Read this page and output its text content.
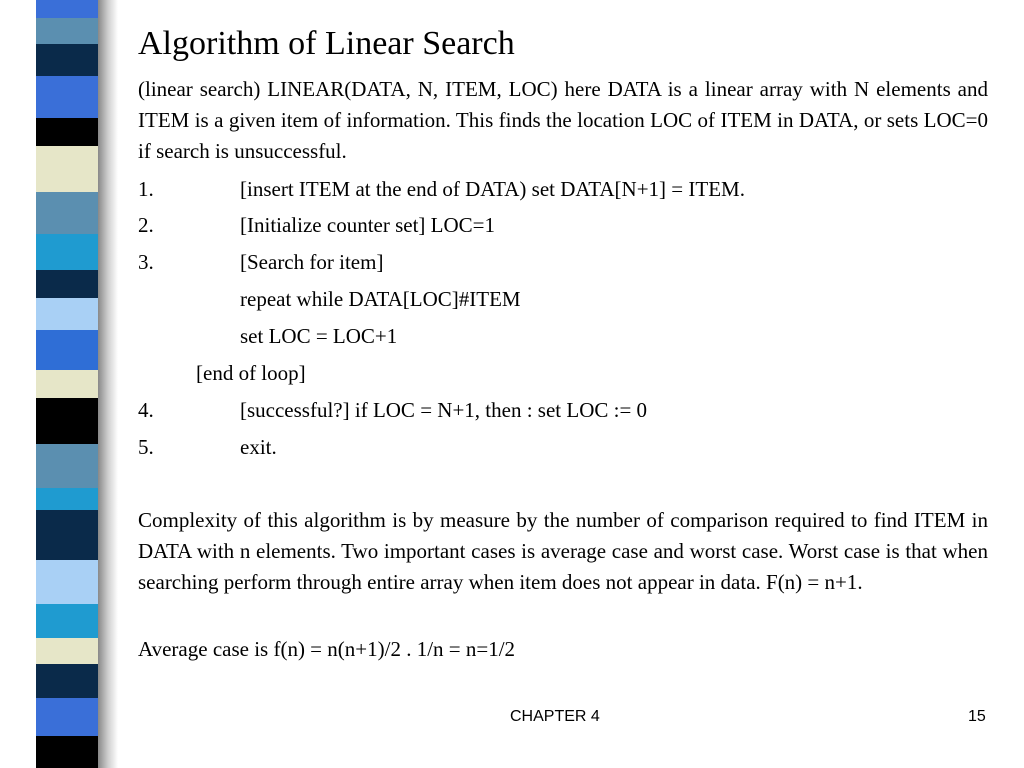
Algorithm of Linear Search

(linear search) LINEAR(DATA, N, ITEM, LOC) here DATA is a linear array with N elements and ITEM is a given item of information. This finds the location LOC of ITEM in DATA, or sets LOC=0 if search is unsuccessful.

1.	[insert ITEM at the end of DATA) set DATA[N+1] = ITEM.
2.	[Initialize counter set] LOC=1
3.	[Search for item]
repeat while DATA[LOC]#ITEM
set LOC = LOC+1
[end of loop]
4.	[successful?] if LOC = N+1, then : set LOC := 0
5.	exit.

Complexity of this algorithm is by measure by the number of comparison required to find ITEM in DATA with n elements. Two important cases is average case and worst case. Worst case is that when searching perform through entire array when item does not appear in data. F(n) = n+1.

Average case is f(n) = n(n+1)/2 . 1/n = n=1/2
CHAPTER 4	15
